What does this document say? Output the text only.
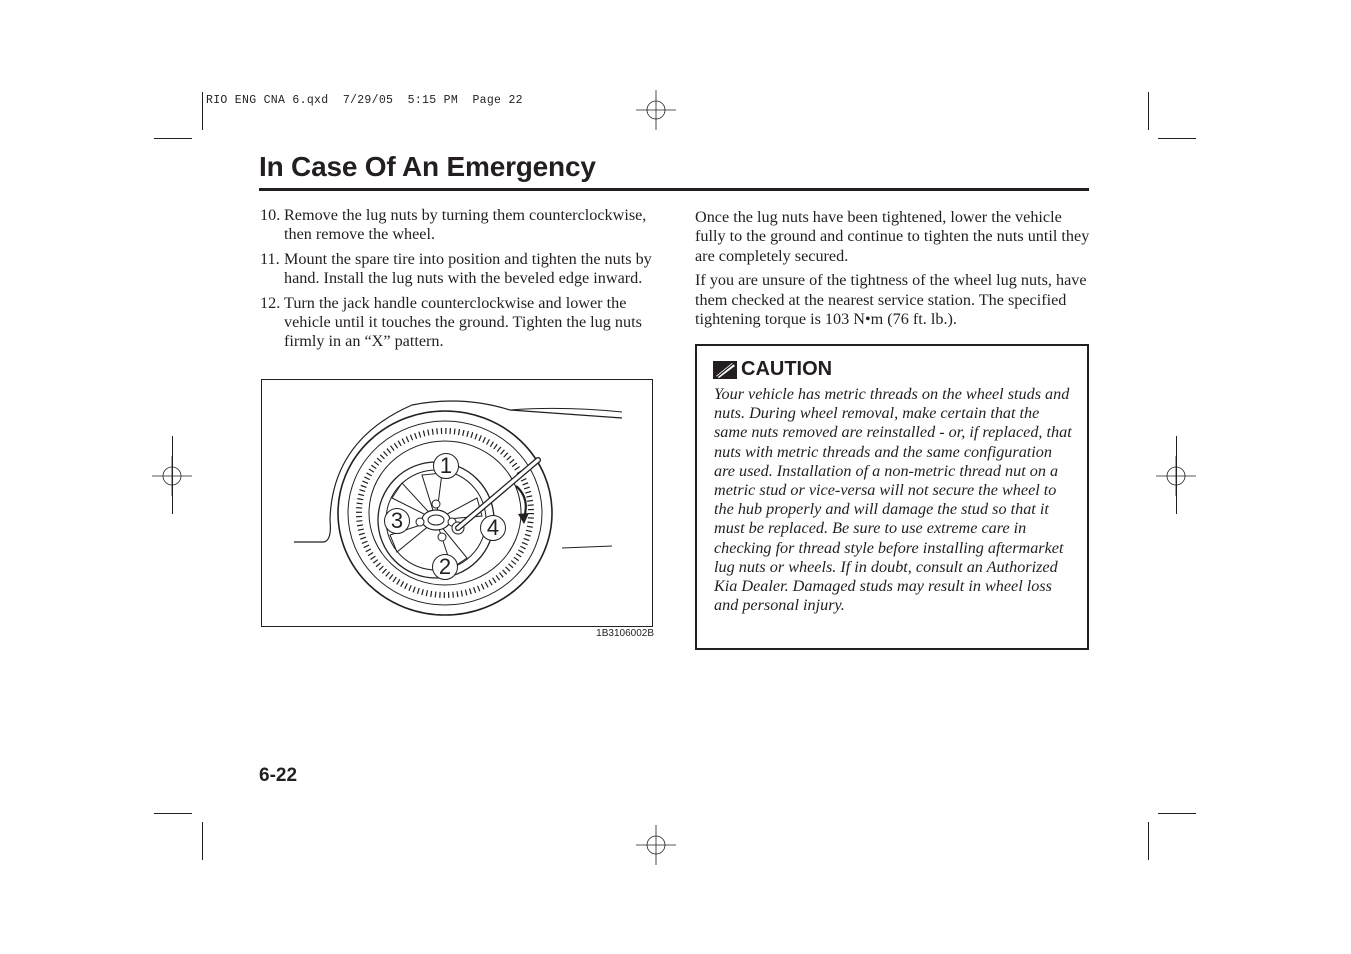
RIO ENG CNA 6.qxd  7/29/05  5:15 PM  Page 22
In Case Of An Emergency
10. Remove the lug nuts by turning them counterclockwise, then remove the wheel.
11. Mount the spare tire into position and tighten the nuts by hand. Install the lug nuts with the beveled edge inward.
12. Turn the jack handle counterclockwise and lower the vehicle until it touches the ground. Tighten the lug nuts firmly in an “X” pattern.
1
2
3	4
1B3106002B

Once the lug nuts have been tightened, lower the vehicle fully to the ground and continue to tighten the nuts until they are completely secured.

If you are unsure of the tightness of the wheel lug nuts, have them checked at the nearest service station. The specified tightening torque is 103 N•m (76 ft. lb.).

CAUTION
Your vehicle has metric threads on the wheel studs and nuts. During wheel removal, make certain that the same nuts removed are reinstalled - or, if replaced, that nuts with metric threads and the same configuration are used. Installation of a non-metric thread nut on a metric stud or vice-versa will not secure the wheel to the hub properly and will damage the stud so that it must be replaced. Be sure to use extreme care in checking for thread style before installing aftermarket lug nuts or wheels. If in doubt, consult an Authorized Kia Dealer. Damaged studs may result in wheel loss and personal injury.
6-22
